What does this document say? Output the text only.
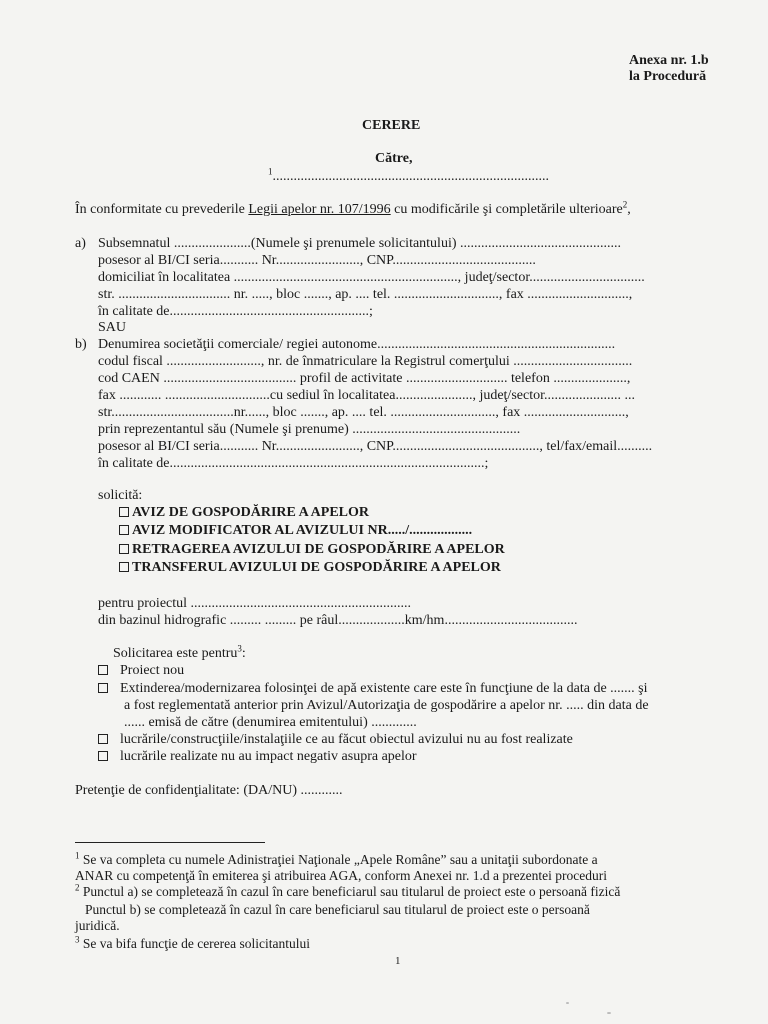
Anexa nr. 1.b
la Procedură
CERERE
Către,
$^1$...............................................................................
În conformitate cu prevederile Legii apelor nr. 107/1996 cu modificările şi completările ulterioare$^2$,
a) Subsemnatul ......................(Numele şi prenumele solicitantului) ..............................................
posesor al BI/CI seria........... Nr........................, CNP.........................................
domiciliat în localitatea ................................................................, judeţ/sector.................................
str. ................................ nr. ....., bloc ......., ap. .... tel. .............................., fax .............................,
în calitate de.........................................................;
SAU
b) Denumirea societăţii comerciale/ regiei autonome....................................................................
codul fiscal ..........................., nr. de înmatriculare la Registrul comerţului ..................................
cod CAEN ...................................... profil de activitate ............................. telefon .....................,
fax ............ ..............................cu sediul în localitatea......................, judeţ/sector...................... ...
str...................................nr......, bloc ......., ap. .... tel. .............................., fax .............................,
prin reprezentantul său (Numele şi prenume) ................................................
posesor al BI/CI seria........... Nr........................, CNP.........................................., tel/fax/email..........
în calitate de..........................................................................................;
solicită:
AVIZ DE GOSPODĂRIRE A APELOR
AVIZ MODIFICATOR AL AVIZULUI NR...../..................
RETRAGEREA AVIZULUI DE GOSPODĂRIRE A APELOR
TRANSFERUL AVIZULUI DE GOSPODĂRIRE A APELOR
pentru proiectul ...............................................................
din bazinul hidrografic ......... ......... pe râul...................km/hm......................................
Solicitarea este pentru$^3$:
Proiect nou
Extinderea/modernizarea folosinţei de apă existente care este în funcţiune de la data de ....... şi
a fost reglementată anterior prin Avizul/Autorizaţia de gospodărire a apelor nr. ..... din data de
...... emisă de către (denumirea emitentului) .............
lucrările/construcţiile/instalaţiile ce au făcut obiectul avizului nu au fost realizate
lucrările realizate nu au impact negativ asupra apelor
Pretenţie de confidenţialitate: (DA/NU) ............
$^1$ Se va completa cu numele Adinistraţiei Naţionale „Apele Române” sau a unitaţii subordonate a
ANAR cu competenţă în emiterea şi atribuirea AGA, conform Anexei nr. 1.d a prezentei proceduri
$^2$ Punctul a) se completează în cazul în care beneficiarul sau titularul de proiect este o persoană fizică
Punctul b) se completează în cazul în care beneficiarul sau titularul de proiect este o persoană
juridică.
$^3$ Se va bifa funcţie de cererea solicitantului
1
